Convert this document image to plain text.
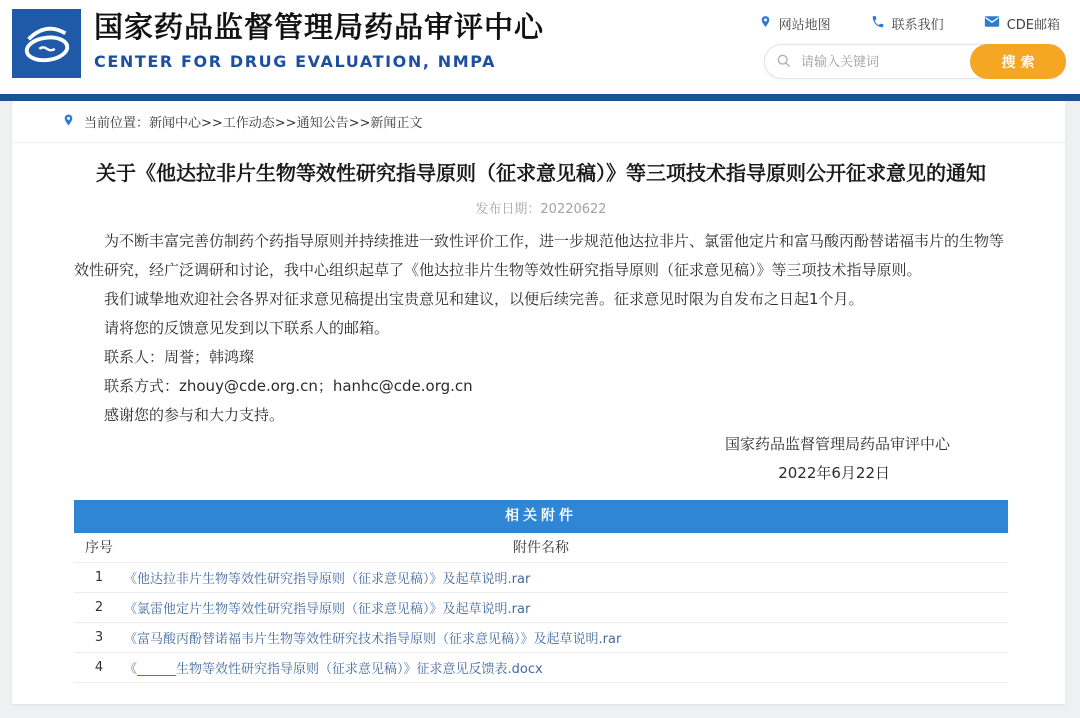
国家药品监督管理局药品审评中心
CENTER FOR DRUG EVALUATION, NMPA
网站地图	联系我们	CDE邮箱
请输入关键词
搜索
当前位置：新闻中心>>工作动态>>通知公告>>新闻正文
关于《他达拉非片生物等效性研究指导原则（征求意见稿）》等三项技术指导原则公开征求意见的通知
发布日期：20220622

为不断丰富完善仿制药个药指导原则并持续推进一致性评价工作，进一步规范他达拉非片、氯雷他定片和富马酸丙酚替诺福韦片的生物等效性研究，经广泛调研和讨论，我中心组织起草了《他达拉非片生物等效性研究指导原则（征求意见稿）》等三项技术指导原则。

我们诚挚地欢迎社会各界对征求意见稿提出宝贵意见和建议，以便后续完善。征求意见时限为自发布之日起1个月。

请将您的反馈意见发到以下联系人的邮箱。

联系人：周誉；韩鸿璨

联系方式：zhouy@cde.org.cn；hanhc@cde.org.cn

感谢您的参与和大力支持。

国家药品监督管理局药品审评中心
2022年6月22日
相关附件
序号	附件名称
1	《他达拉非片生物等效性研究指导原则（征求意见稿）》及起草说明.rar
2	《氯雷他定片生物等效性研究指导原则（征求意见稿）》及起草说明.rar
3	《富马酸丙酚替诺福韦片生物等效性研究技术指导原则（征求意见稿）》及起草说明.rar
4	《______生物等效性研究指导原则（征求意见稿）》征求意见反馈表.docx
